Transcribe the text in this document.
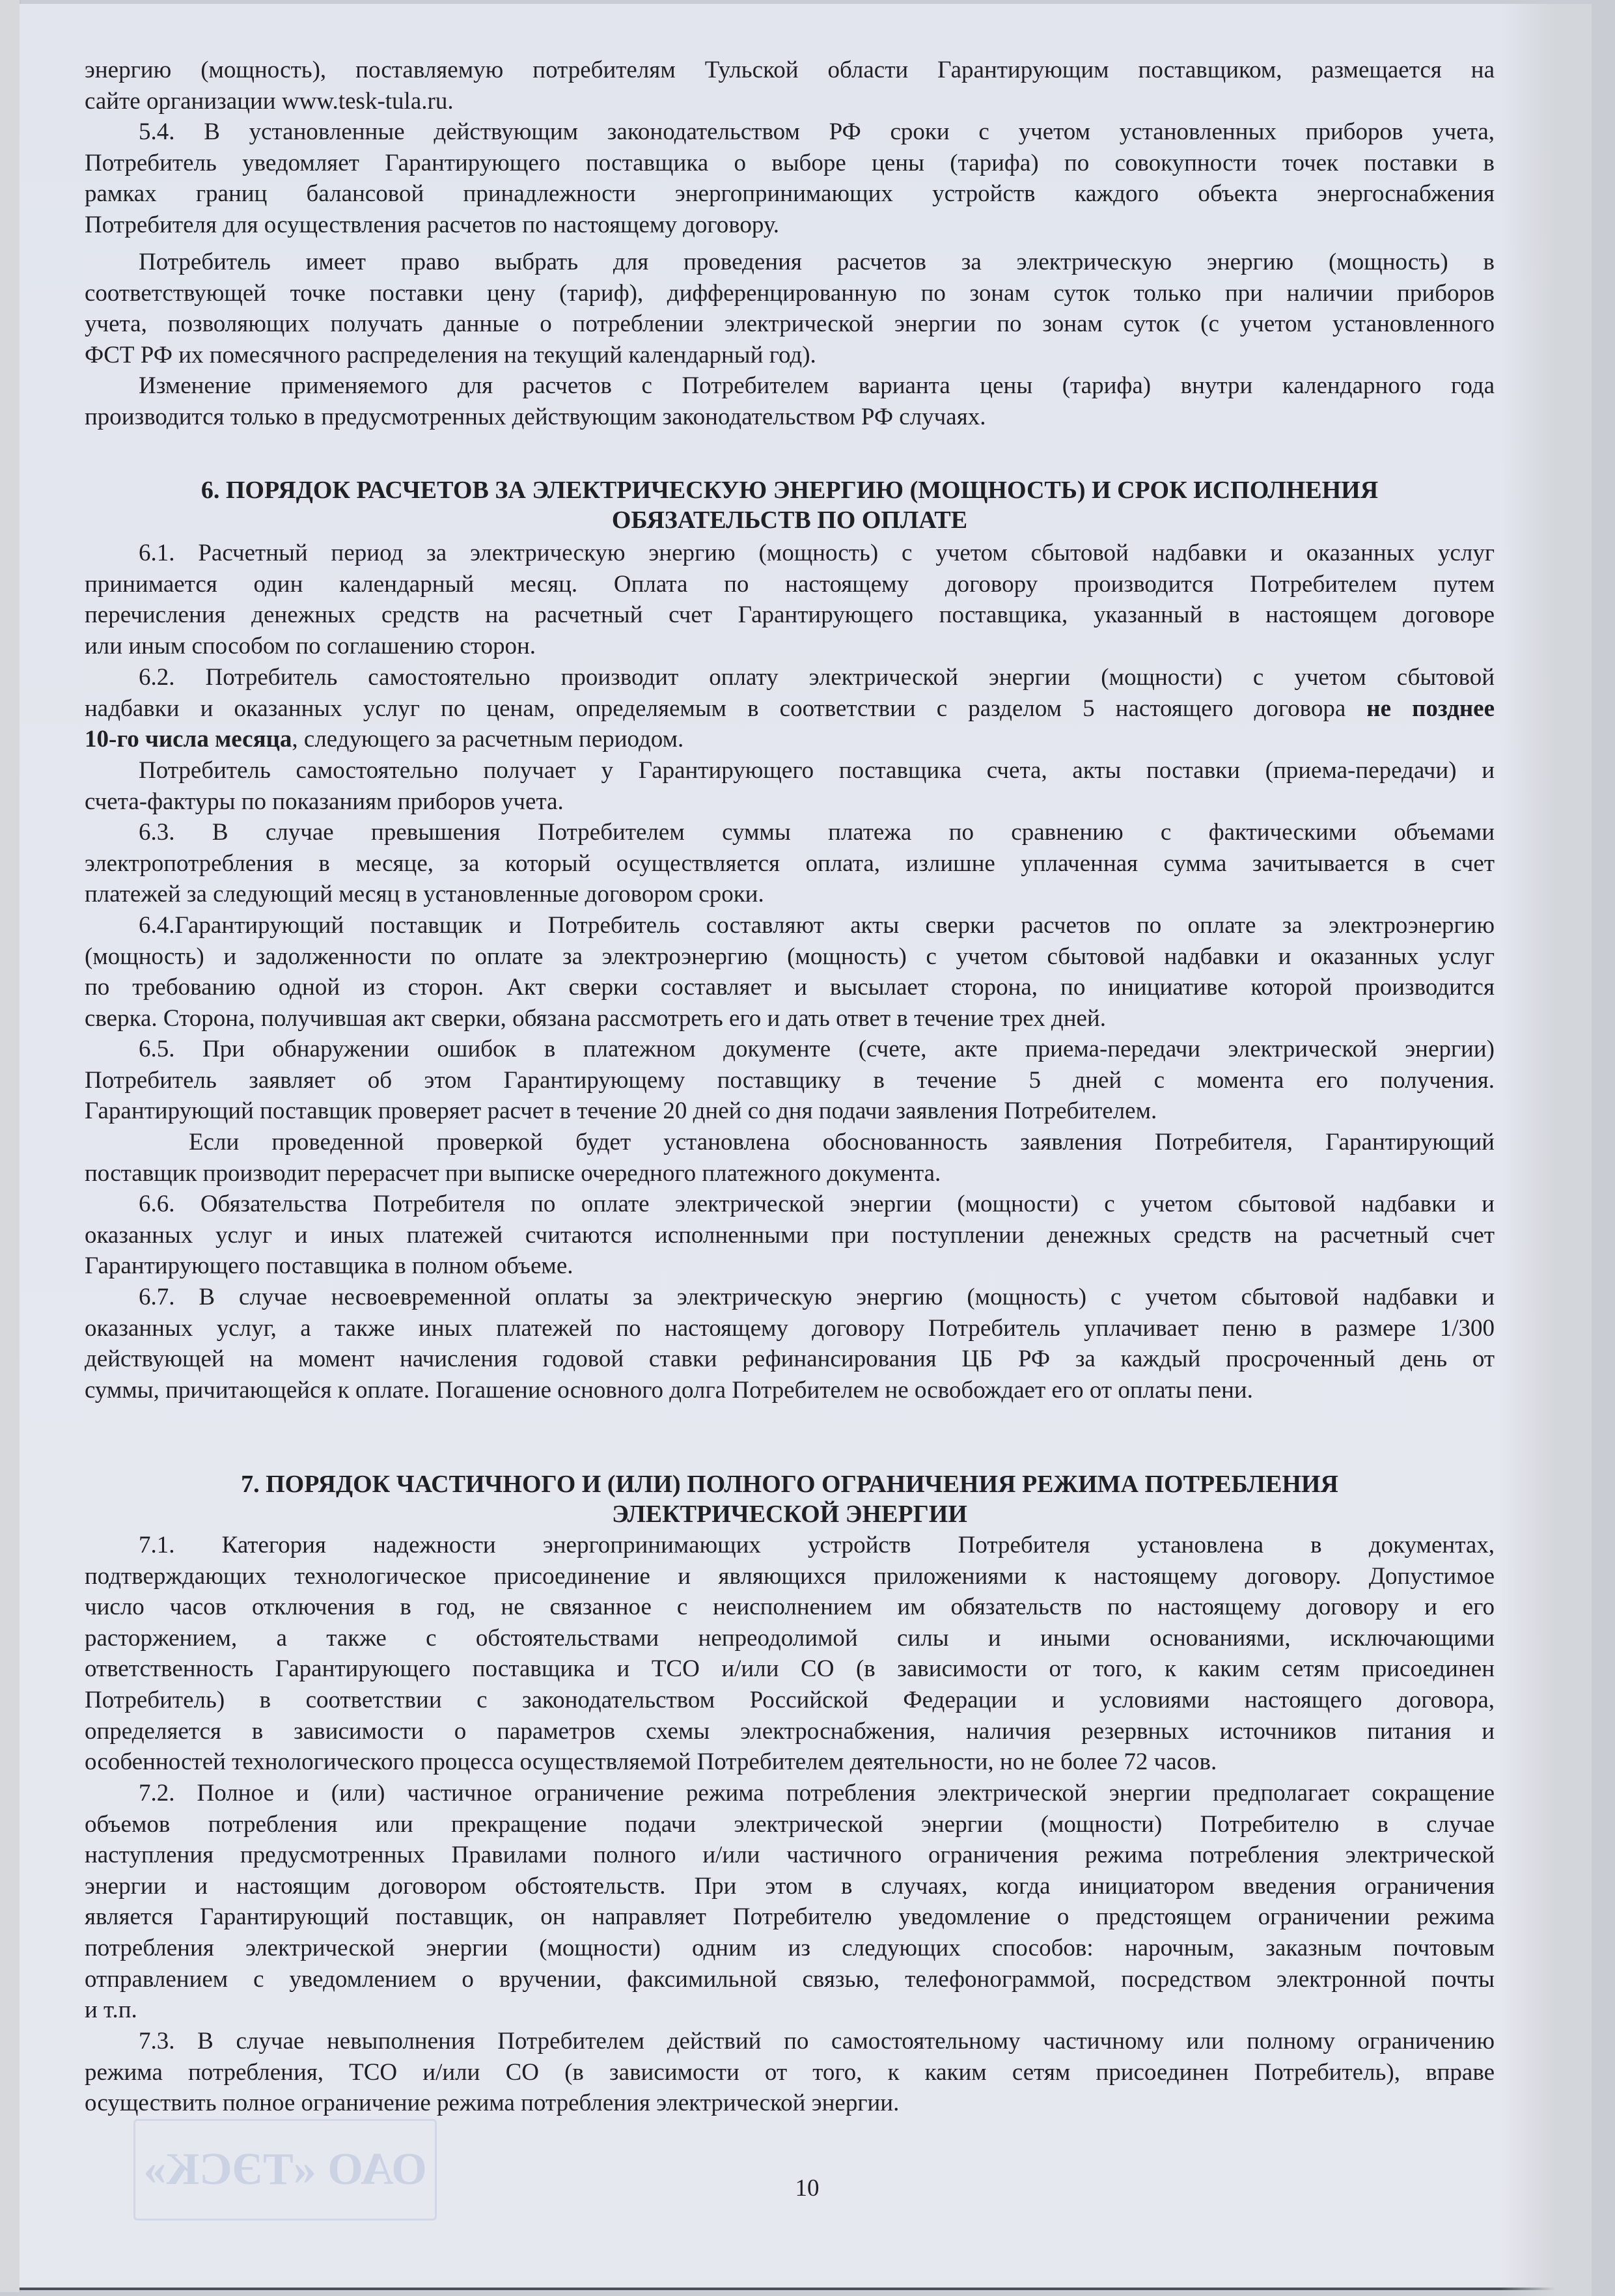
ОАО «ТЭСК»
энергию (мощность), поставляемую потребителям Тульской области Гарантирующим поставщиком, размещается на
сайте организации www.tesk-tula.ru.
5.4. В установленные действующим законодательством РФ сроки с учетом установленных приборов учета,
Потребитель уведомляет Гарантирующего поставщика о выборе цены (тарифа) по совокупности точек поставки в
рамках границ балансовой принадлежности энергопринимающих устройств каждого объекта энергоснабжения
Потребителя для осуществления расчетов по настоящему договору.
Потребитель имеет право выбрать для проведения расчетов за электрическую энергию (мощность) в
соответствующей точке поставки цену (тариф), дифференцированную по зонам суток только при наличии приборов
учета, позволяющих получать данные о потреблении электрической энергии по зонам суток (с учетом установленного
ФСТ РФ их помесячного распределения на текущий календарный год).
Изменение применяемого для расчетов с Потребителем варианта цены (тарифа) внутри календарного года
производится только в предусмотренных действующим законодательством РФ случаях.
6. ПОРЯДОК РАСЧЕТОВ ЗА ЭЛЕКТРИЧЕСКУЮ ЭНЕРГИЮ (МОЩНОСТЬ) И СРОК ИСПОЛНЕНИЯ
ОБЯЗАТЕЛЬСТВ ПО ОПЛАТЕ
6.1. Расчетный период за электрическую энергию (мощность) с учетом сбытовой надбавки и оказанных услуг
принимается один календарный месяц. Оплата по настоящему договору производится Потребителем путем
перечисления денежных средств на расчетный счет Гарантирующего поставщика, указанный в настоящем договоре
или иным способом по соглашению сторон.
6.2. Потребитель самостоятельно производит оплату электрической энергии (мощности) с учетом сбытовой
надбавки и оказанных услуг по ценам, определяемым в соответствии с разделом 5 настоящего договора не позднее
10-го числа месяца, следующего за расчетным периодом.
Потребитель самостоятельно получает у Гарантирующего поставщика счета, акты поставки (приема-передачи) и
счета-фактуры по показаниям приборов учета.
6.3. В случае превышения Потребителем суммы платежа по сравнению с фактическими объемами
электропотребления в месяце, за который осуществляется оплата, излишне уплаченная сумма зачитывается в счет
платежей за следующий месяц в установленные договором сроки.
6.4.Гарантирующий поставщик и Потребитель составляют акты сверки расчетов по оплате за электроэнергию
(мощность) и задолженности по оплате за электроэнергию (мощность) с учетом сбытовой надбавки и оказанных услуг
по требованию одной из сторон. Акт сверки составляет и высылает сторона, по инициативе которой производится
сверка. Сторона, получившая акт сверки, обязана рассмотреть его и дать ответ в течение трех дней.
6.5. При обнаружении ошибок в платежном документе (счете, акте приема-передачи электрической энергии)
Потребитель заявляет об этом Гарантирующему поставщику в течение 5 дней с момента его получения.
Гарантирующий поставщик проверяет расчет в течение 20 дней со дня подачи заявления Потребителем.
Если проведенной проверкой будет установлена обоснованность заявления Потребителя, Гарантирующий
поставщик производит перерасчет при выписке очередного платежного документа.
6.6. Обязательства Потребителя по оплате электрической энергии (мощности) с учетом сбытовой надбавки и
оказанных услуг и иных платежей считаются исполненными при поступлении денежных средств на расчетный счет
Гарантирующего поставщика в полном объеме.
6.7. В случае несвоевременной оплаты за электрическую энергию (мощность) с учетом сбытовой надбавки и
оказанных услуг, а также иных платежей по настоящему договору Потребитель уплачивает пеню в размере 1/300
действующей на момент начисления годовой ставки рефинансирования ЦБ РФ за каждый просроченный день от
суммы, причитающейся к оплате. Погашение основного долга Потребителем не освобождает его от оплаты пени.
7. ПОРЯДОК ЧАСТИЧНОГО И (ИЛИ) ПОЛНОГО ОГРАНИЧЕНИЯ РЕЖИМА ПОТРЕБЛЕНИЯ
ЭЛЕКТРИЧЕСКОЙ ЭНЕРГИИ
7.1. Категория надежности энергопринимающих устройств Потребителя установлена в документах,
подтверждающих технологическое присоединение и являющихся приложениями к настоящему договору. Допустимое
число часов отключения в год, не связанное с неисполнением им обязательств по настоящему договору и его
расторжением, а также с обстоятельствами непреодолимой силы и иными основаниями, исключающими
ответственность Гарантирующего поставщика и ТСО и/или СО (в зависимости от того, к каким сетям присоединен
Потребитель) в соответствии с законодательством Российской Федерации и условиями настоящего договора,
определяется в зависимости о параметров схемы электроснабжения, наличия резервных источников питания и
особенностей технологического процесса осуществляемой Потребителем деятельности, но не более 72 часов.
7.2. Полное и (или) частичное ограничение режима потребления электрической энергии предполагает сокращение
объемов потребления или прекращение подачи электрической энергии (мощности) Потребителю в случае
наступления предусмотренных Правилами полного и/или частичного ограничения режима потребления электрической
энергии и настоящим договором обстоятельств. При этом в случаях, когда инициатором введения ограничения
является Гарантирующий поставщик, он направляет Потребителю уведомление о предстоящем ограничении режима
потребления электрической энергии (мощности) одним из следующих способов: нарочным, заказным почтовым
отправлением с уведомлением о вручении, факсимильной связью, телефонограммой, посредством электронной почты
и т.п.
7.3. В случае невыполнения Потребителем действий по самостоятельному частичному или полному ограничению
режима потребления, ТСО и/или СО (в зависимости от того, к каким сетям присоединен Потребитель), вправе
осуществить полное ограничение режима потребления электрической энергии.
10
